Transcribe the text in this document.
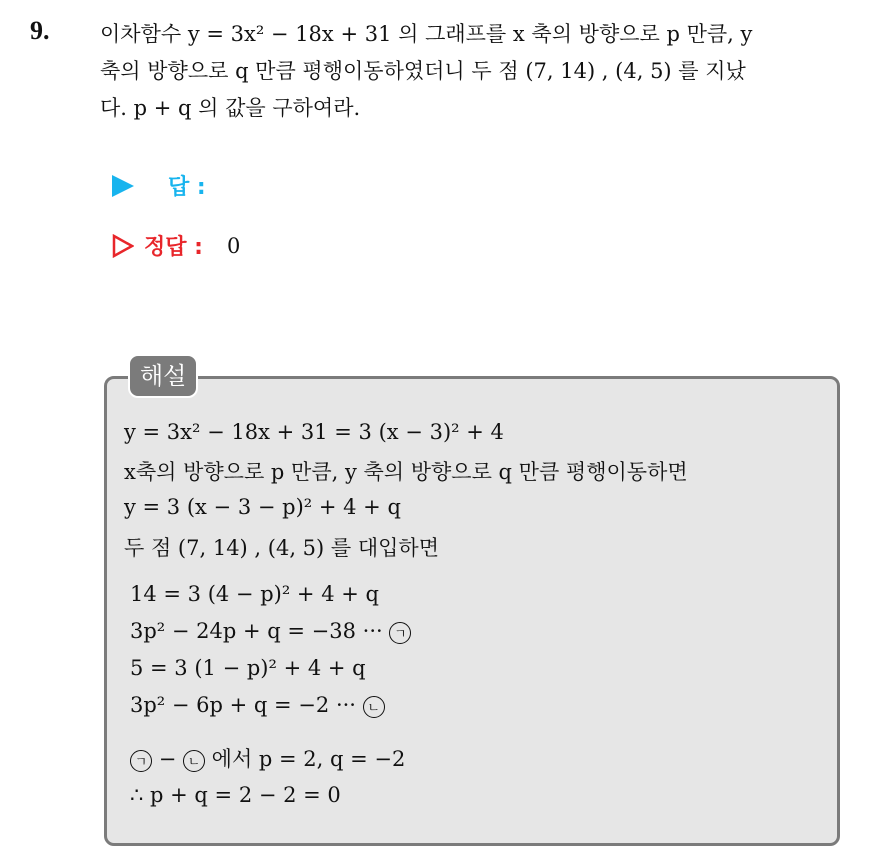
9. 이차함수 y = 3x² − 18x + 31 의 그래프를 x 축의 방향으로 p 만큼, y
축의 방향으로 q 만큼 평행이동하였더니 두 점 (7, 14) , (4, 5) 를 지났
다. p + q 의 값을 구하여라.
답 :
정답 : 0
해설
y = 3x² − 18x + 31 = 3 (x − 3)² + 4
x축의 방향으로 p 만큼, y 축의 방향으로 q 만큼 평행이동하면
y = 3 (x − 3 − p)² + 4 + q
두 점 (7, 14) , (4, 5) 를 대입하면
14 = 3 (4 − p)² + 4 + q
3p² − 24p + q = −38 ··· ㄱ
5 = 3 (1 − p)² + 4 + q
3p² − 6p + q = −2 ··· ㄴ
ㄱ − ㄴ 에서 p = 2, q = −2
∴ p + q = 2 − 2 = 0
